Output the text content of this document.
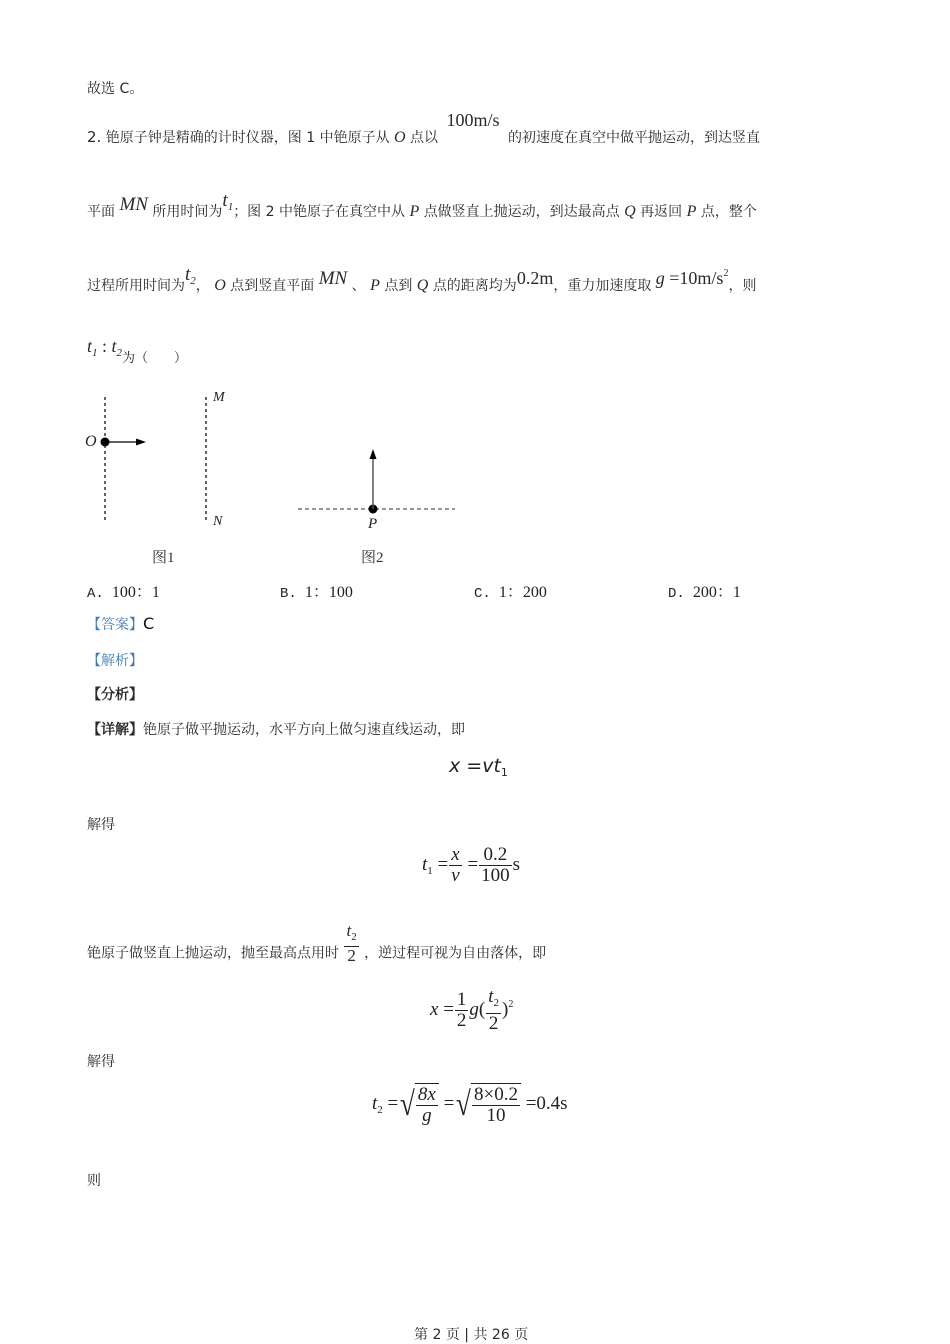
故选 C。
2. 铯原子钟是精确的计时仪器，图 1 中铯原子从 O 点以 100m/s 的初速度在真空中做平抛运动，到达竖直
平面 MN 所用时间为$t_1$；图 2 中铯原子在真空中从 P 点做竖直上抛运动，到达最高点 Q 再返回 P 点，整个
过程所用时间为$t_2$， O 点到竖直平面 MN 、 P 点到 Q 点的距离均为0.2m，重力加速度取 $g =10m/s^2$，则
$t_1$ : $t_2$为（　　）
O
M
N	P
图1	图2
A. 100：1	B. 1：100	C. 1：200	D. 200：1
【答案】C
【解析】
【分析】
【详解】铯原子做平抛运动，水平方向上做匀速直线运动，即
$x =vt_1$
解得
$t_1 = \frac{x}{v} = \frac{0.2}{100}$ s
铯原子做竖直上抛运动，抛至最高点用时 $\frac{t_2}{2}$ ，逆过程可视为自由落体，即
$x = \frac{1}{2} g( \frac{t_2}{2} )^2$
解得
$t_2$ =√ $\frac{8x}{g}$ =√ $\frac{8\times 0.2}{10} =0.4s$
则
第 2 页 | 共 26 页
